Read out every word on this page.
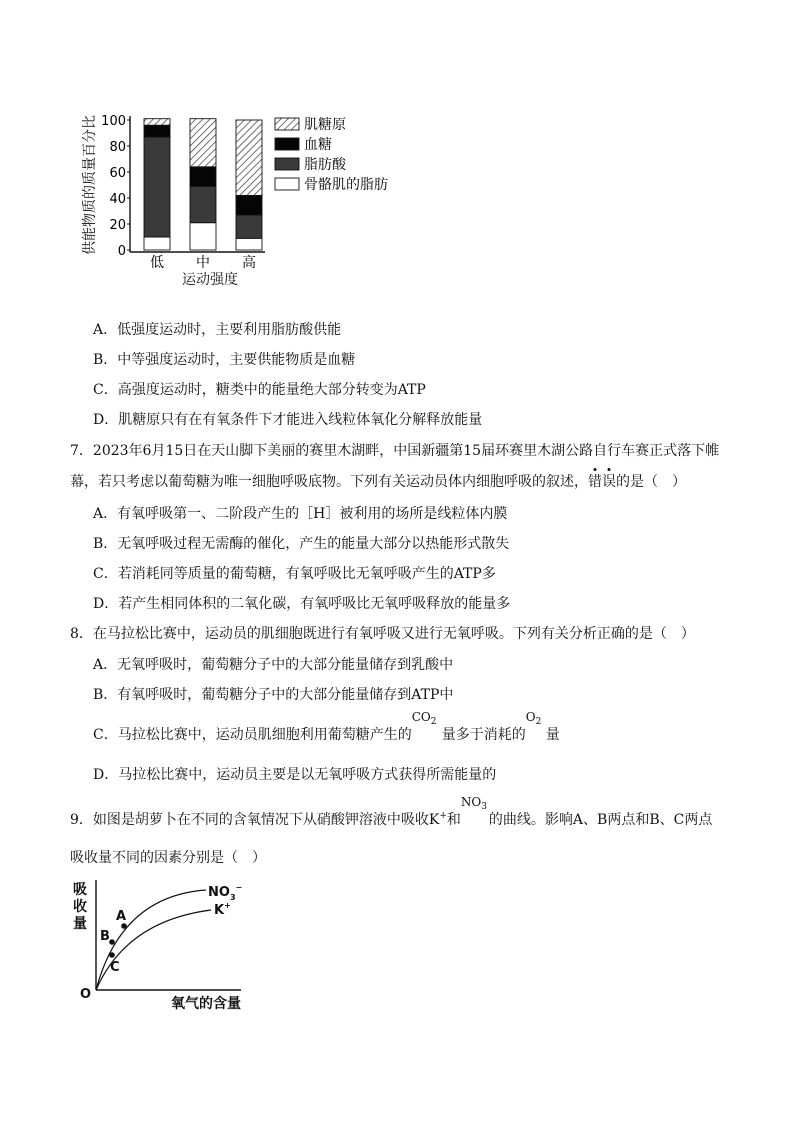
供能物质的质量百分比 0
20
40
60
80
100
低 中 高
运动强度
肌糖原
血糖
脂肪酸
骨骼肌的脂肪
A．低强度运动时，主要利用脂肪酸供能
B．中等强度运动时，主要供能物质是血糖
C．高强度运动时，糖类中的能量绝大部分转变为ATP
D．肌糖原只有在有氧条件下才能进入线粒体氧化分解释放能量
7．2023年6月15日在天山脚下美丽的赛里木湖畔，中国新疆第15届环赛里木湖公路自行车赛正式落下帷
幕，若只考虑以葡萄糖为唯一细胞呼吸底物。下列有关运动员体内细胞呼吸的叙述，错误的是（　）
A．有氧呼吸第一、二阶段产生的［H］被利用的场所是线粒体内膜
B．无氧呼吸过程无需酶的催化，产生的能量大部分以热能形式散失
C．若消耗同等质量的葡萄糖，有氧呼吸比无氧呼吸产生的ATP多
D．若产生相同体积的二氧化碳，有氧呼吸比无氧呼吸释放的能量多
8．在马拉松比赛中，运动员的肌细胞既进行有氧呼吸又进行无氧呼吸。下列有关分析正确的是（　）
A．无氧呼吸时，葡萄糖分子中的大部分能量储存到乳酸中
B．有氧呼吸时，葡萄糖分子中的大部分能量储存到ATP中
C．马拉松比赛中，运动员肌细胞利用葡萄糖产生的
$CO_2$
量多于消耗的
$O_2$
量
D．马拉松比赛中，运动员主要是以无氧呼吸方式获得所需能量的
9．如图是胡萝卜在不同的含氧情况下从硝酸钾溶液中吸收K+和
$NO_3$
的曲线。影响A、B两点和B、C两点
吸收量不同的因素分别是（　）
吸
收
量
$NO_3^-$
K+
A
B
C
O
氧气的含量
